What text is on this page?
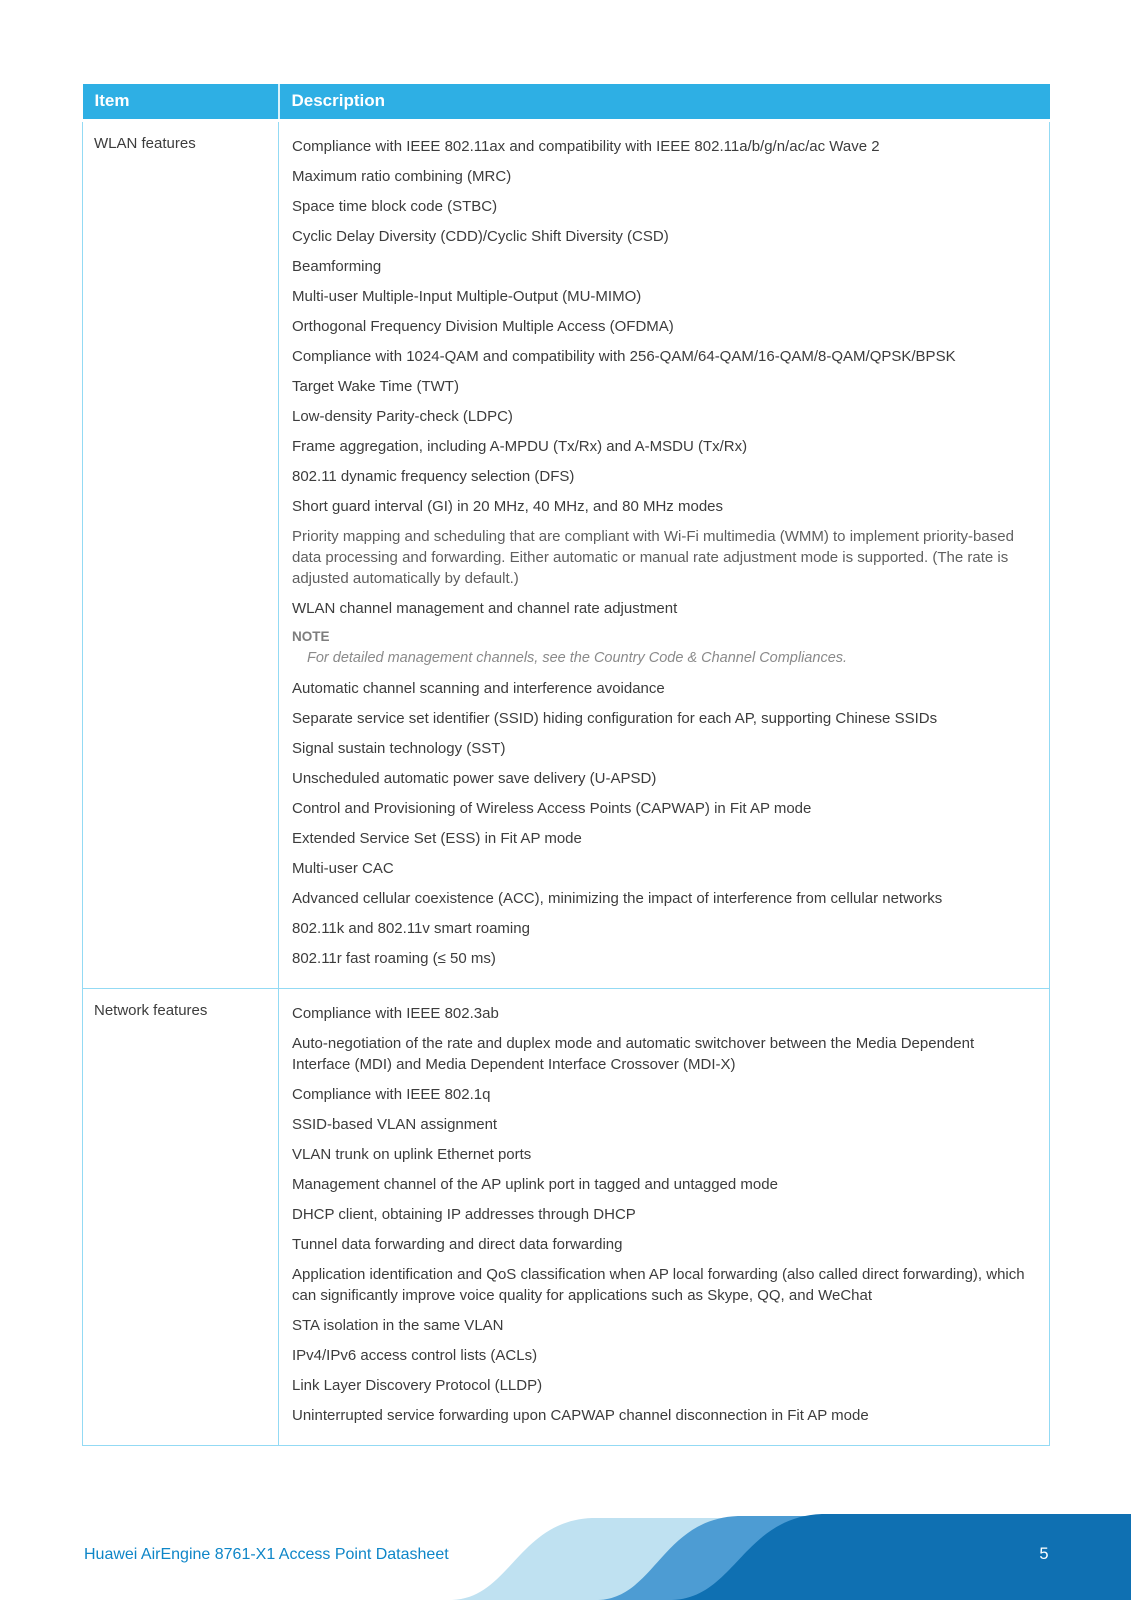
Item	Description
WLAN features	Compliance with IEEE 802.11ax and compatibility with IEEE 802.11a/b/g/n/ac/ac Wave 2

Maximum ratio combining (MRC)

Space time block code (STBC)

Cyclic Delay Diversity (CDD)/Cyclic Shift Diversity (CSD)

Beamforming

Multi-user Multiple-Input Multiple-Output (MU-MIMO)

Orthogonal Frequency Division Multiple Access (OFDMA)

Compliance with 1024-QAM and compatibility with 256-QAM/64-QAM/16-QAM/8-QAM/QPSK/BPSK

Target Wake Time (TWT)

Low-density Parity-check (LDPC)

Frame aggregation, including A-MPDU (Tx/Rx) and A-MSDU (Tx/Rx)

802.11 dynamic frequency selection (DFS)

Short guard interval (GI) in 20 MHz, 40 MHz, and 80 MHz modes

Priority mapping and scheduling that are compliant with Wi-Fi multimedia (WMM) to implement priority-based data processing and forwarding. Either automatic or manual rate adjustment mode is supported. (The rate is adjusted automatically by default.)

WLAN channel management and channel rate adjustment

NOTE

For detailed management channels, see the Country Code & Channel Compliances.

Automatic channel scanning and interference avoidance

Separate service set identifier (SSID) hiding configuration for each AP, supporting Chinese SSIDs

Signal sustain technology (SST)

Unscheduled automatic power save delivery (U-APSD)

Control and Provisioning of Wireless Access Points (CAPWAP) in Fit AP mode

Extended Service Set (ESS) in Fit AP mode

Multi-user CAC

Advanced cellular coexistence (ACC), minimizing the impact of interference from cellular networks

802.11k and 802.11v smart roaming

802.11r fast roaming (≤ 50 ms)

Network features	Compliance with IEEE 802.3ab

Auto-negotiation of the rate and duplex mode and automatic switchover between the Media Dependent Interface (MDI) and Media Dependent Interface Crossover (MDI-X)

Compliance with IEEE 802.1q

SSID-based VLAN assignment

VLAN trunk on uplink Ethernet ports

Management channel of the AP uplink port in tagged and untagged mode

DHCP client, obtaining IP addresses through DHCP

Tunnel data forwarding and direct data forwarding

Application identification and QoS classification when AP local forwarding (also called direct forwarding), which can significantly improve voice quality for applications such as Skype, QQ, and WeChat

STA isolation in the same VLAN

IPv4/IPv6 access control lists (ACLs)

Link Layer Discovery Protocol (LLDP)

Uninterrupted service forwarding upon CAPWAP channel disconnection in Fit AP mode

Huawei AirEngine 8761-X1 Access Point Datasheet	5
